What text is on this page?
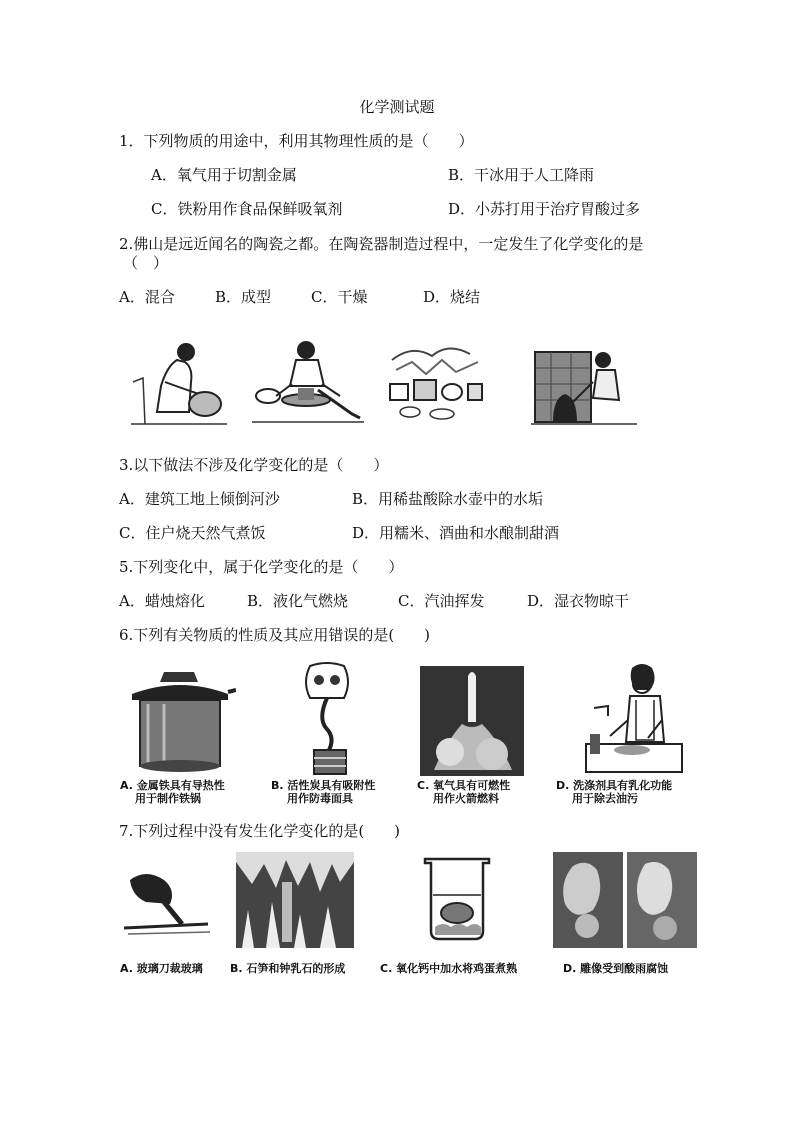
化学测试题
1．下列物质的用途中，利用其物理性质的是（　　）
A．氧气用于切割金属	B．干冰用于人工降雨
C．铁粉用作食品保鲜吸氧剂	D．小苏打用于治疗胃酸过多
2.佛山是远近闻名的陶瓷之都。在陶瓷器制造过程中，一定发生了化学变化的是
（　）
A．混合	B．成型	C．干燥	D．烧结
3.以下做法不涉及化学变化的是（　　）
A．建筑工地上倾倒河沙	B．用稀盐酸除水壶中的水垢
C．住户烧天然气煮饭	D．用糯米、酒曲和水酿制甜酒
5.下列变化中，属于化学变化的是（　　）
A．蜡烛熔化	B．液化气燃烧	C．汽油挥发	D．湿衣物晾干
6.下列有关物质的性质及其应用错误的是(　　)
A. 金属铁具有导热性
用于制作铁锅
B. 活性炭具有吸附性
用作防毒面具
C. 氧气具有可燃性
用作火箭燃料
D. 洗涤剂具有乳化功能
用于除去油污
7.下列过程中没有发生化学变化的是(　　)
A. 玻璃刀裁玻璃 B. 石笋和钟乳石的形成	C. 氧化钙中加水将鸡蛋煮熟	D. 雕像受到酸雨腐蚀
